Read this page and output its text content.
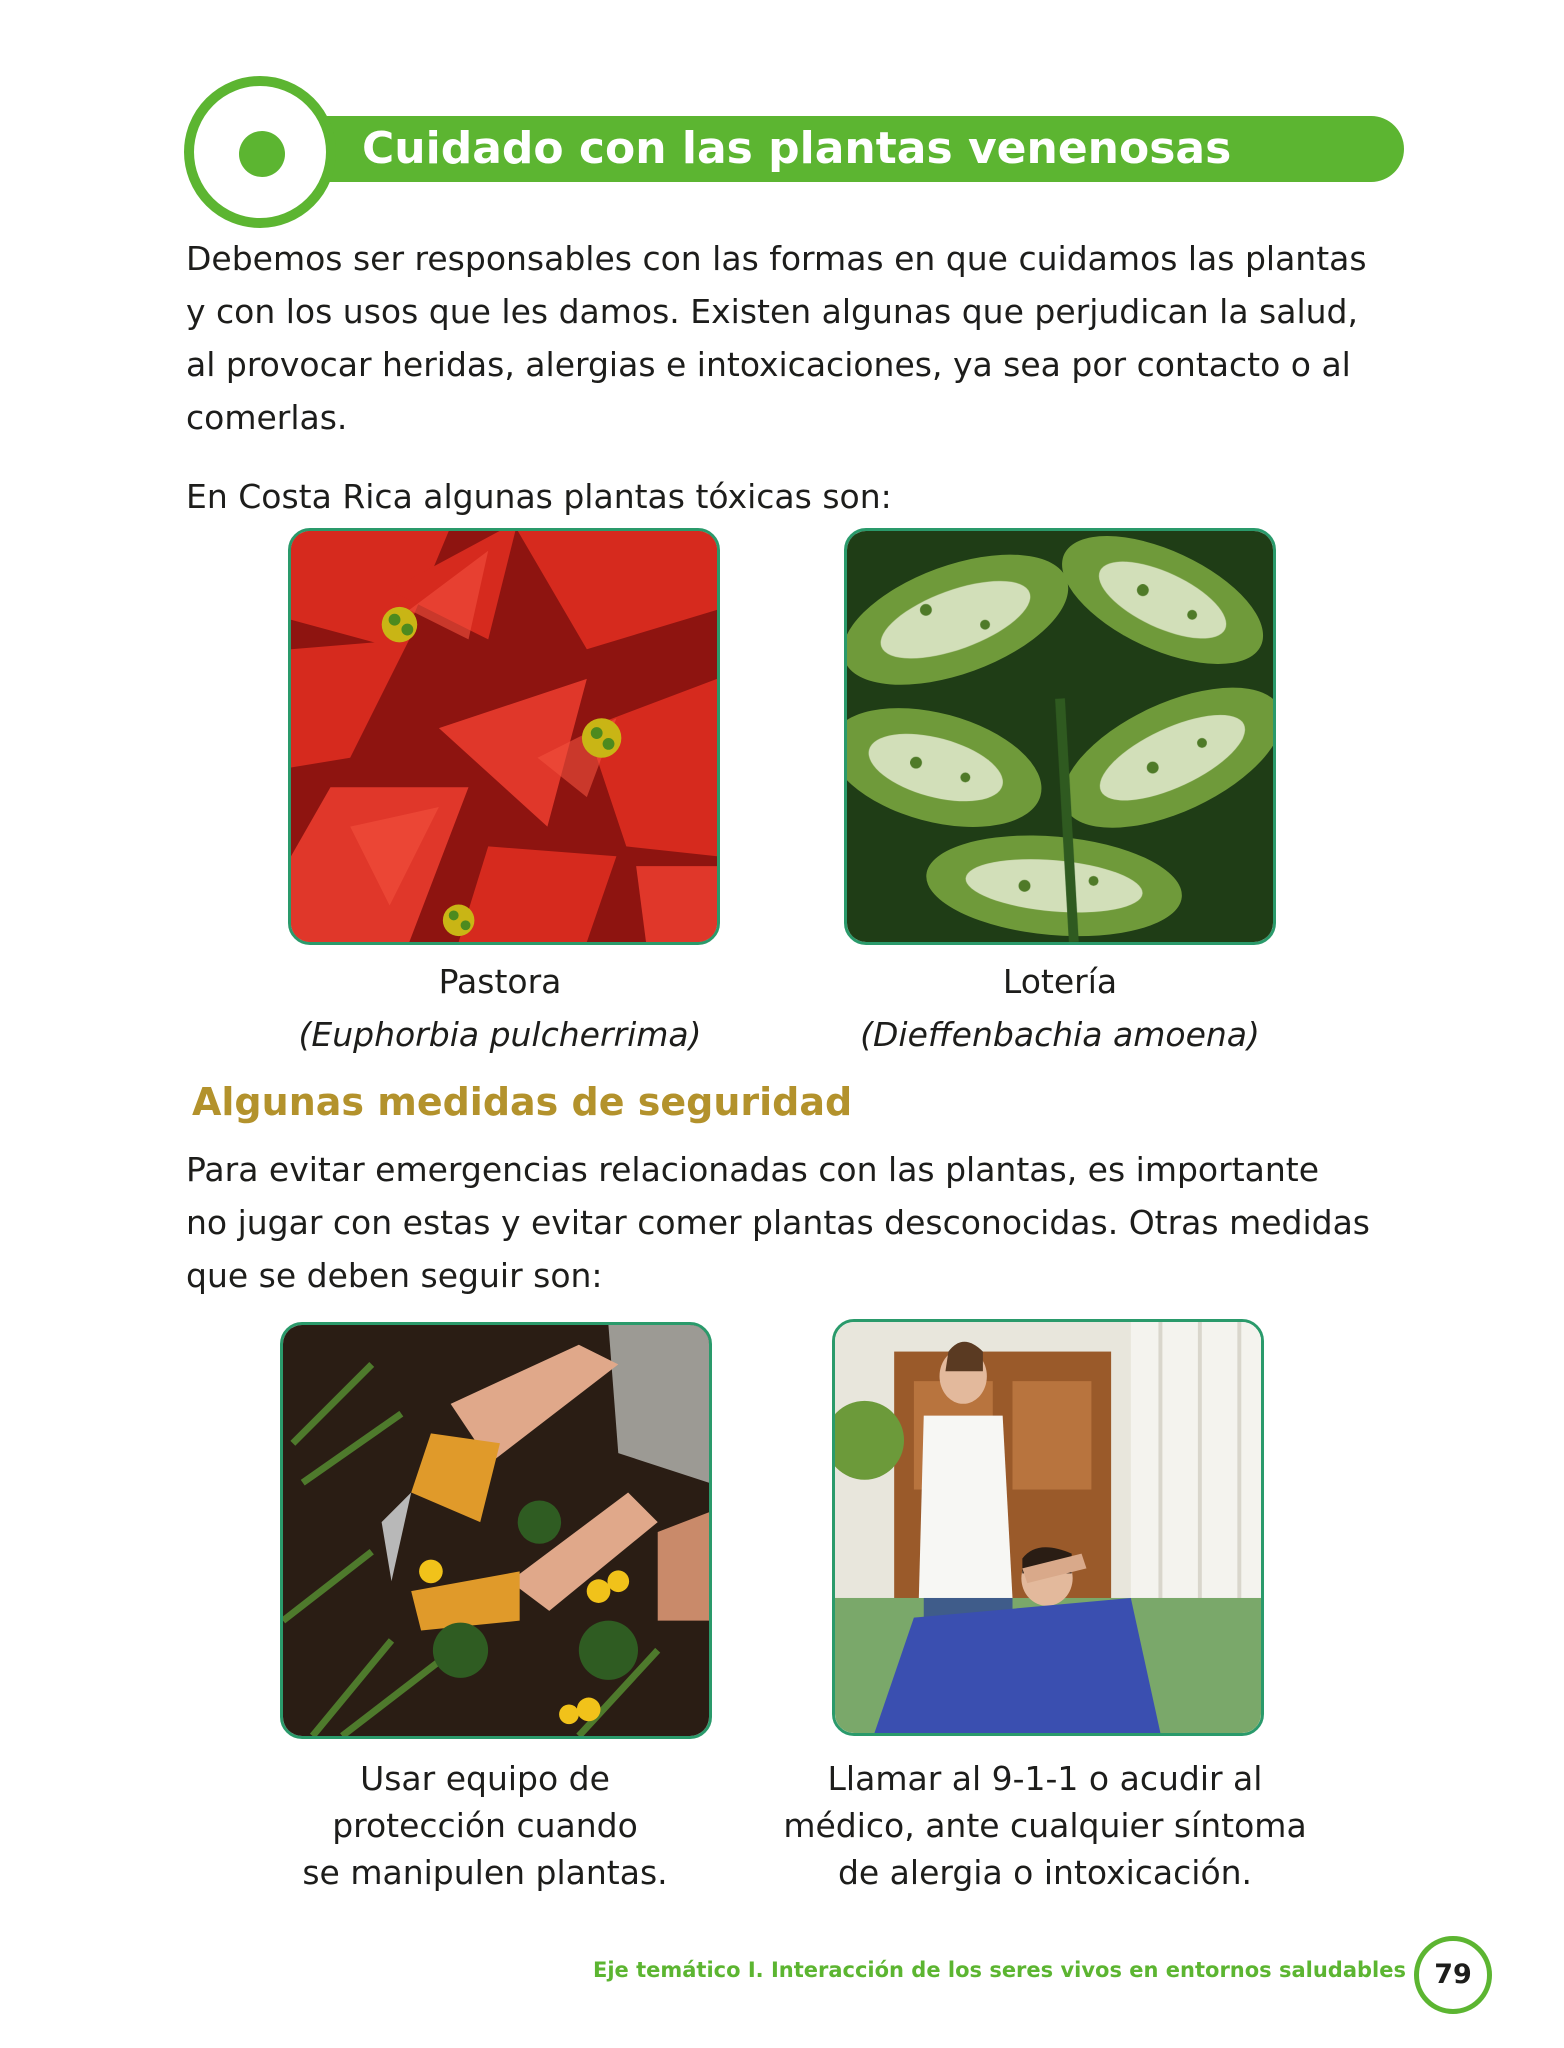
Cuidado con las plantas venenosas
Debemos ser responsables con las formas en que cuidamos las plantas
y con los usos que les damos. Existen algunas que perjudican la salud,
al provocar heridas, alergias e intoxicaciones, ya sea por contacto o al
comerlas.
En Costa Rica algunas plantas tóxicas son:
Pastora
(Euphorbia pulcherrima)
Lotería
(Dieffenbachia amoena)
Algunas medidas de seguridad
Para evitar emergencias relacionadas con las plantas, es importante
no jugar con estas y evitar comer plantas desconocidas. Otras medidas
que se deben seguir son:
Usar equipo de
protección cuando
se manipulen plantas.
Llamar al 9-1-1 o acudir al
médico, ante cualquier síntoma
de alergia o intoxicación.
Eje temático I. Interacción de los seres vivos en entornos saludables	79
